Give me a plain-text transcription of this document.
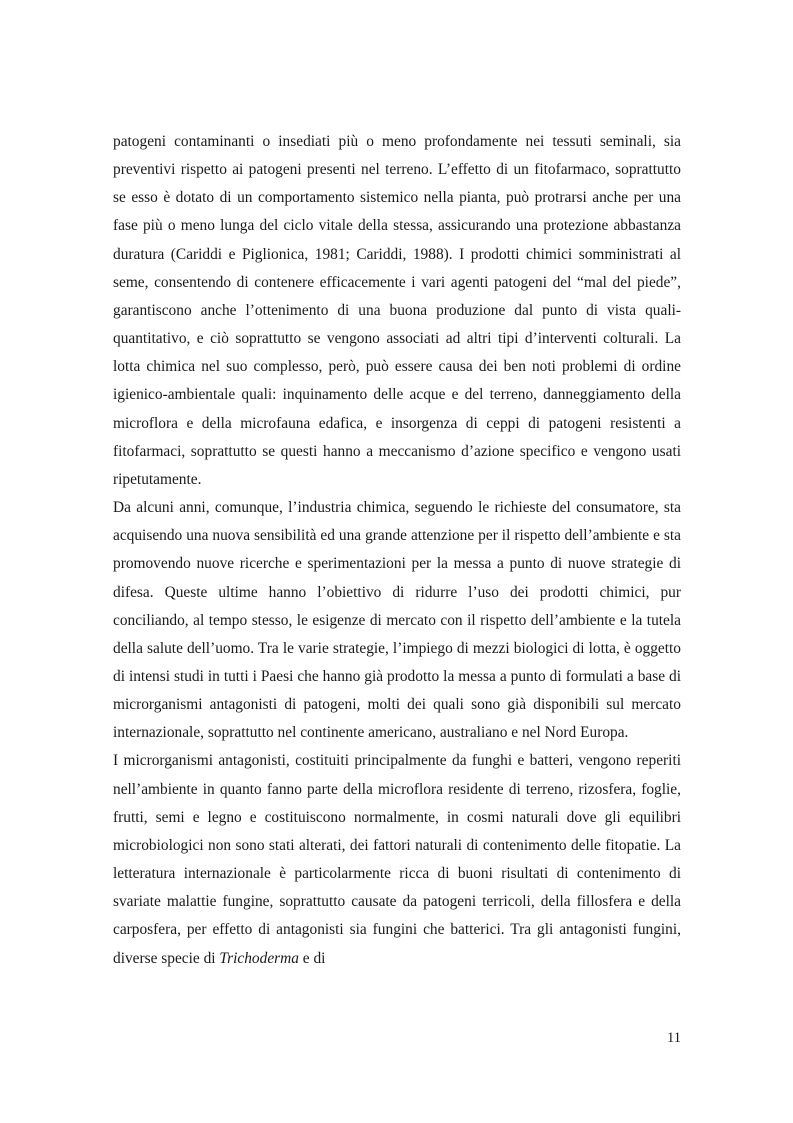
patogeni contaminanti o insediati più o meno profondamente nei tessuti seminali, sia preventivi rispetto ai patogeni presenti nel terreno. L’effetto di un fitofarmaco, soprattutto se esso è dotato di un comportamento sistemico nella pianta, può protrarsi anche per una fase più o meno lunga del ciclo vitale della stessa, assicurando una protezione abbastanza duratura (Cariddi e Piglionica, 1981; Cariddi, 1988). I prodotti chimici somministrati al seme, consentendo di contenere efficacemente i vari agenti patogeni del “mal del piede”, garantiscono anche l’ottenimento di una buona produzione dal punto di vista quali-quantitativo, e ciò soprattutto se vengono associati ad altri tipi d’interventi colturali. La lotta chimica nel suo complesso, però, può essere causa dei ben noti problemi di ordine igienico-ambientale quali: inquinamento delle acque e del terreno, danneggiamento della microflora e della microfauna edafica, e insorgenza di ceppi di patogeni resistenti a fitofarmaci, soprattutto se questi hanno a meccanismo d’azione specifico e vengono usati ripetutamente.

Da alcuni anni, comunque, l’industria chimica, seguendo le richieste del consumatore, sta acquisendo una nuova sensibilità ed una grande attenzione per il rispetto dell’ambiente e sta promovendo nuove ricerche e sperimentazioni per la messa a punto di nuove strategie di difesa. Queste ultime hanno l’obiettivo di ridurre l’uso dei prodotti chimici, pur conciliando, al tempo stesso, le esigenze di mercato con il rispetto dell’ambiente e la tutela della salute dell’uomo. Tra le varie strategie, l’impiego di mezzi biologici di lotta, è oggetto di intensi studi in tutti i Paesi che hanno già prodotto la messa a punto di formulati a base di microrganismi antagonisti di patogeni, molti dei quali sono già disponibili sul mercato internazionale, soprattutto nel continente americano, australiano e nel Nord Europa.

I microrganismi antagonisti, costituiti principalmente da funghi e batteri, vengono reperiti nell’ambiente in quanto fanno parte della microflora residente di terreno, rizosfera, foglie, frutti, semi e legno e costituiscono normalmente, in cosmi naturali dove gli equilibri microbiologici non sono stati alterati, dei fattori naturali di contenimento delle fitopatie. La letteratura internazionale è particolarmente ricca di buoni risultati di contenimento di svariate malattie fungine, soprattutto causate da patogeni terricoli, della fillosfera e della carposfera, per effetto di antagonisti sia fungini che batterici. Tra gli antagonisti fungini, diverse specie di Trichoderma e di

11
